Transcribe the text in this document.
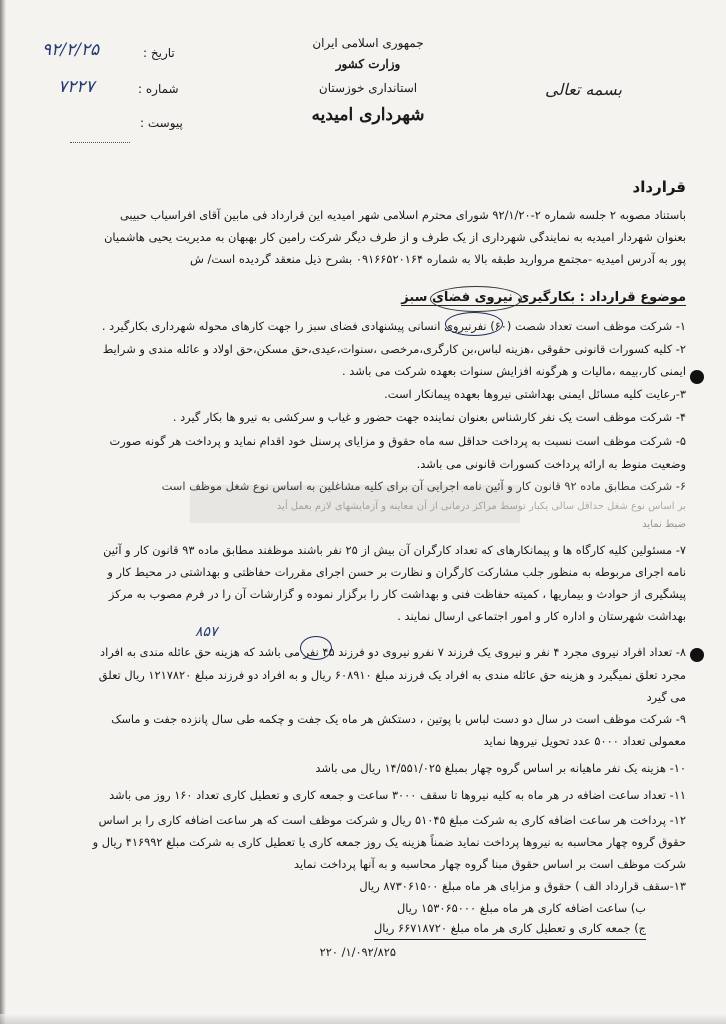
جمهوری اسلامی ایران
وزارت کشور
استانداری خوزستان
شهرداری امیدیه
بسمه تعالی
تاریخ :
۹۲/۲/۲۵
شماره :
۷۲۲۷
پیوست :
قرارداد
باستناد مصوبه ۲ جلسه شماره ۲-۹۲/۱/۲۰ شورای محترم اسلامی شهر امیدیه این قرارداد فی مابین آقای افراسیاب حبیبی
بعنوان شهردار امیدیه به نمایندگی شهرداری از یک طرف و از طرف دیگر شرکت رامین کار بهبهان به مدیریت یحیی هاشمیان
پور به آدرس امیدیه -مجتمع مروارید طبقه بالا به شماره ۰۹۱۶۶۵۲۰۱۶۴ بشرح ذیل منعقد گردیده است/ ش
موضوع قرارداد : بکارگیری نیروی فضای سبز
۱- شرکت موظف است تعداد شصت (۶۰) نفرنیروی انسانی پیشنهادی فضای سبز را جهت کارهای محوله شهرداری بکارگیرد .
۲- کلیه کسورات قانونی حقوقی ،هزینه لباس،بن کارگری،مرخصی ،سنوات،عیدی،حق مسکن،حق اولاد و عائله مندی و شرایط
ایمنی کار،بیمه ،مالیات و هرگونه افزایش سنوات بعهده شرکت می باشد .
۳-رعایت کلیه مسائل ایمنی بهداشتی نیروها بعهده پیمانکار است.
۴- شرکت موظف است یک نفر کارشناس بعنوان نماینده جهت حضور و غیاب و سرکشی به نیرو ها بکار گیرد .
۵- شرکت موظف است نسبت به پرداخت حداقل سه ماه حقوق و مزایای پرسنل خود اقدام نماید و پرداخت هر گونه صورت
وضعیت منوط به ارائه پرداخت کسورات قانونی می باشد.
۶- شرکت مطابق ماده ۹۲ قانون کار و آئین نامه اجرایی آن برای کلیه مشاغلین به اساس نوع شغل موظف است
بر اساس نوع شغل حداقل سالی یکبار توسط مراکز درمانی از آن معاینه و آزمایشهای لازم بعمل آید
ضبط نماید
۷- مسئولین کلیه کارگاه ها و پیمانکارهای که تعداد کارگران آن بیش از ۲۵ نفر باشند موظفند مطابق ماده ۹۳ قانون کار و آئین
نامه اجرای مربوطه به منظور جلب مشارکت کارگران و نظارت بر حسن اجرای مقررات حفاظتی و بهداشتی در محیط کار و
پیشگیری از حوادث و بیماریها ، کمیته حفاظت فنی و بهداشت کار را برگزار نموده و گزارشات آن را در فرم مصوب به مرکز
بهداشت شهرستان و اداره کار و امور اجتماعی ارسال نمایند .
۸۵۷
۸- تعداد افراد نیروی مجرد ۴ نفر و نیروی یک فرزند ۷ نفرو نیروی دو فرزند ۴۵ نفر می باشد که هزینه حق عائله مندی به افراد
مجرد تعلق نمیگیرد و هزینه حق عائله مندی به افراد یک فرزند مبلغ ۶۰۸۹۱۰ ریال و به افراد دو فرزند مبلغ ۱۲۱۷۸۲۰ ریال تعلق
می گیرد
۹- شرکت موظف است در سال دو دست لباس با پوتین ، دستکش هر ماه یک جفت و چکمه طی سال پانزده جفت و ماسک
معمولی تعداد ۵۰۰۰ عدد تحویل نیروها نماید
۱۰- هزینه یک نفر ماهیانه بر اساس گروه چهار بمبلغ ۱۴/۵۵۱/۰۲۵ ریال می باشد
۱۱- تعداد ساعت اضافه در هر ماه به کلیه نیروها تا سقف ۳۰۰۰ ساعت و جمعه کاری و تعطیل کاری تعداد ۱۶۰ روز می باشد
۱۲- پرداخت هر ساعت اضافه کاری به شرکت مبلغ ۵۱۰۴۵ ریال و شرکت موظف است که هر ساعت اضافه کاری را بر اساس
حقوق گروه چهار محاسبه به نیروها پرداخت نماید ضمناً هزینه یک روز جمعه کاری یا تعطیل کاری به شرکت مبلغ ۴۱۶۹۹۲ ریال و
شرکت موظف است بر اساس حقوق مبنا گروه چهار محاسبه و به آنها پرداخت نماید
۱۳-سقف قرارداد الف ) حقوق و مزایای هر ماه مبلغ ۸۷۳۰۶۱۵۰۰ ریال
ب) ساعت اضافه کاری هر ماه مبلغ ۱۵۳۰۶۵۰۰۰ ریال
ج) جمعه کاری و تعطیل کاری هر ماه مبلغ ۶۶۷۱۸۷۲۰ ریال
۱/۰۹۲/۸۲۵/ ۲۲۰
